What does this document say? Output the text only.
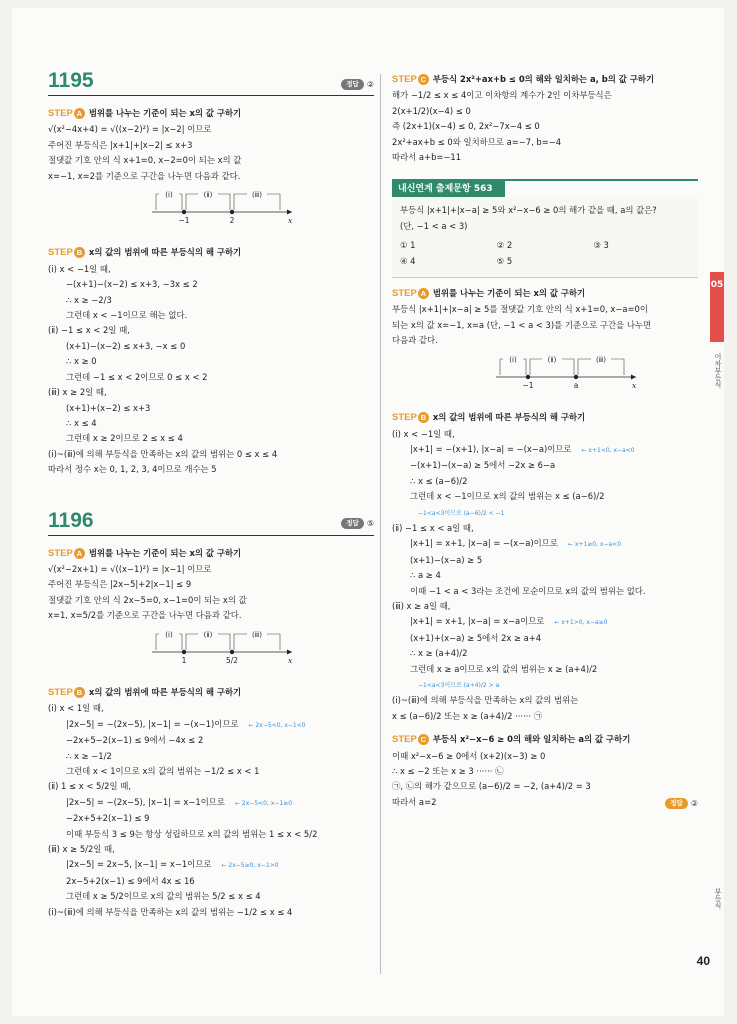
1195	정답	②
STEP A 범위를 나누는 기준이 되는 x의 값 구하기
√(x²−4x+4) = √((x−2)²) = |x−2| 이므로
주어진 부등식은 |x+1|+|x−2| ≤ x+3
절댓값 기호 안의 식 x+1=0, x−2=0이 되는 x의 값
x=−1, x=2를 기준으로 구간을 나누면 다음과 같다.
(ⅰ)	(ⅱ)	(ⅲ)
−1	2	x
STEP B x의 값의 범위에 따른 부등식의 해 구하기
(ⅰ) x < −1일 때,
−(x+1)−(x−2) ≤ x+3, −3x ≤ 2
∴ x ≥ −2/3
그런데 x < −1이므로 해는 없다.
(ⅱ) −1 ≤ x < 2일 때,
(x+1)−(x−2) ≤ x+3, −x ≤ 0
∴ x ≥ 0
그런데 −1 ≤ x < 2이므로 0 ≤ x < 2
(ⅲ) x ≥ 2일 때,
(x+1)+(x−2) ≤ x+3
∴ x ≤ 4
그런데 x ≥ 2이므로 2 ≤ x ≤ 4
(ⅰ)~(ⅲ)에 의해 부등식을 만족하는 x의 값의 범위는 0 ≤ x ≤ 4
따라서 정수 x는 0, 1, 2, 3, 4이므로 개수는 5
1196	정답	⑤
STEP A 범위를 나누는 기준이 되는 x의 값 구하기
√(x²−2x+1) = √((x−1)²) = |x−1| 이므로
주어진 부등식은 |2x−5|+2|x−1| ≤ 9
절댓값 기호 안의 식 2x−5=0, x−1=0이 되는 x의 값
x=1, x=5/2를 기준으로 구간을 나누면 다음과 같다.
(ⅰ)	(ⅱ)	(ⅲ)
1	5/2	x
STEP B x의 값의 범위에 따른 부등식의 해 구하기
(ⅰ) x < 1일 때,
|2x−5| = −(2x−5), |x−1| = −(x−1)이므로 ← 2x−5<0, x−1<0
−2x+5−2(x−1) ≤ 9에서 −4x ≤ 2
∴ x ≥ −1/2
그런데 x < 1이므로 x의 값의 범위는 −1/2 ≤ x < 1
(ⅱ) 1 ≤ x < 5/2일 때,
|2x−5| = −(2x−5), |x−1| = x−1이므로 ← 2x−5<0, x−1≥0
−2x+5+2(x−1) ≤ 9
이때 부등식 3 ≤ 9는 항상 성립하므로 x의 값의 범위는 1 ≤ x < 5/2
(ⅲ) x ≥ 5/2일 때,
|2x−5| = 2x−5, |x−1| = x−1이므로 ← 2x−5≥0, x−1>0
2x−5+2(x−1) ≤ 9에서 4x ≤ 16
그런데 x ≥ 5/2이므로 x의 값의 범위는 5/2 ≤ x ≤ 4
(ⅰ)~(ⅲ)에 의해 부등식을 만족하는 x의 값의 범위는 −1/2 ≤ x ≤ 4
STEP C 부등식 2x²+ax+b ≤ 0의 해와 일치하는 a, b의 값 구하기
해가 −1/2 ≤ x ≤ 4이고 이차항의 계수가 2인 이차부등식은
2(x+1/2)(x−4) ≤ 0
즉 (2x+1)(x−4) ≤ 0, 2x²−7x−4 ≤ 0
2x²+ax+b ≤ 0와 일치하므로 a=−7, b=−4
따라서 a+b=−11
내신연계 출제문항 563
부등식 |x+1|+|x−a| ≥ 5와 x²−x−6 ≥ 0의 해가 같을 때, a의 값은?
(단, −1 < a < 3)
① 1	② 2	③ 3
④ 4	⑤ 5
STEP A 범위를 나누는 기준이 되는 x의 값 구하기
부등식 |x+1|+|x−a| ≥ 5를 절댓값 기호 안의 식 x+1=0, x−a=0이
되는 x의 값 x=−1, x=a (단, −1 < a < 3)를 기준으로 구간을 나누면
다음과 같다.
(ⅰ)	(ⅱ)	(ⅲ)
−1	a	x
STEP B x의 값의 범위에 따른 부등식의 해 구하기
(ⅰ) x < −1일 때,
|x+1| = −(x+1), |x−a| = −(x−a)이므로 ← x+1<0, x−a<0
−(x+1)−(x−a) ≥ 5에서 −2x ≥ 6−a
∴ x ≤ (a−6)/2
그런데 x < −1이므로 x의 값의 범위는 x ≤ (a−6)/2
−1<a<3이므로 (a−6)/2 < −1
(ⅱ) −1 ≤ x < a일 때,
|x+1| = x+1, |x−a| = −(x−a)이므로 ← x+1≥0, x−a<0
(x+1)−(x−a) ≥ 5
∴ a ≥ 4
이때 −1 < a < 3라는 조건에 모순이므로 x의 값의 범위는 없다.
(ⅲ) x ≥ a일 때,
|x+1| = x+1, |x−a| = x−a이므로 ← x+1>0, x−a≥0
(x+1)+(x−a) ≥ 5에서 2x ≥ a+4
∴ x ≥ (a+4)/2
그런데 x ≥ a이므로 x의 값의 범위는 x ≥ (a+4)/2
−1<a<3이므로 (a+4)/2 > a
(ⅰ)~(ⅲ)에 의해 부등식을 만족하는 x의 값의 범위는
x ≤ (a−6)/2 또는 x ≥ (a+4)/2 ······ ㉠
STEP C 부등식 x²−x−6 ≥ 0의 해와 일치하는 a의 값 구하기
이때 x²−x−6 ≥ 0에서 (x+2)(x−3) ≥ 0
∴ x ≤ −2 또는 x ≥ 3 ······ ㉡
㉠, ㉡의 해가 같으므로 (a−6)/2 = −2, (a+4)/2 = 3
따라서 a=2	정답	②
05
이차부등식
부등식
40
